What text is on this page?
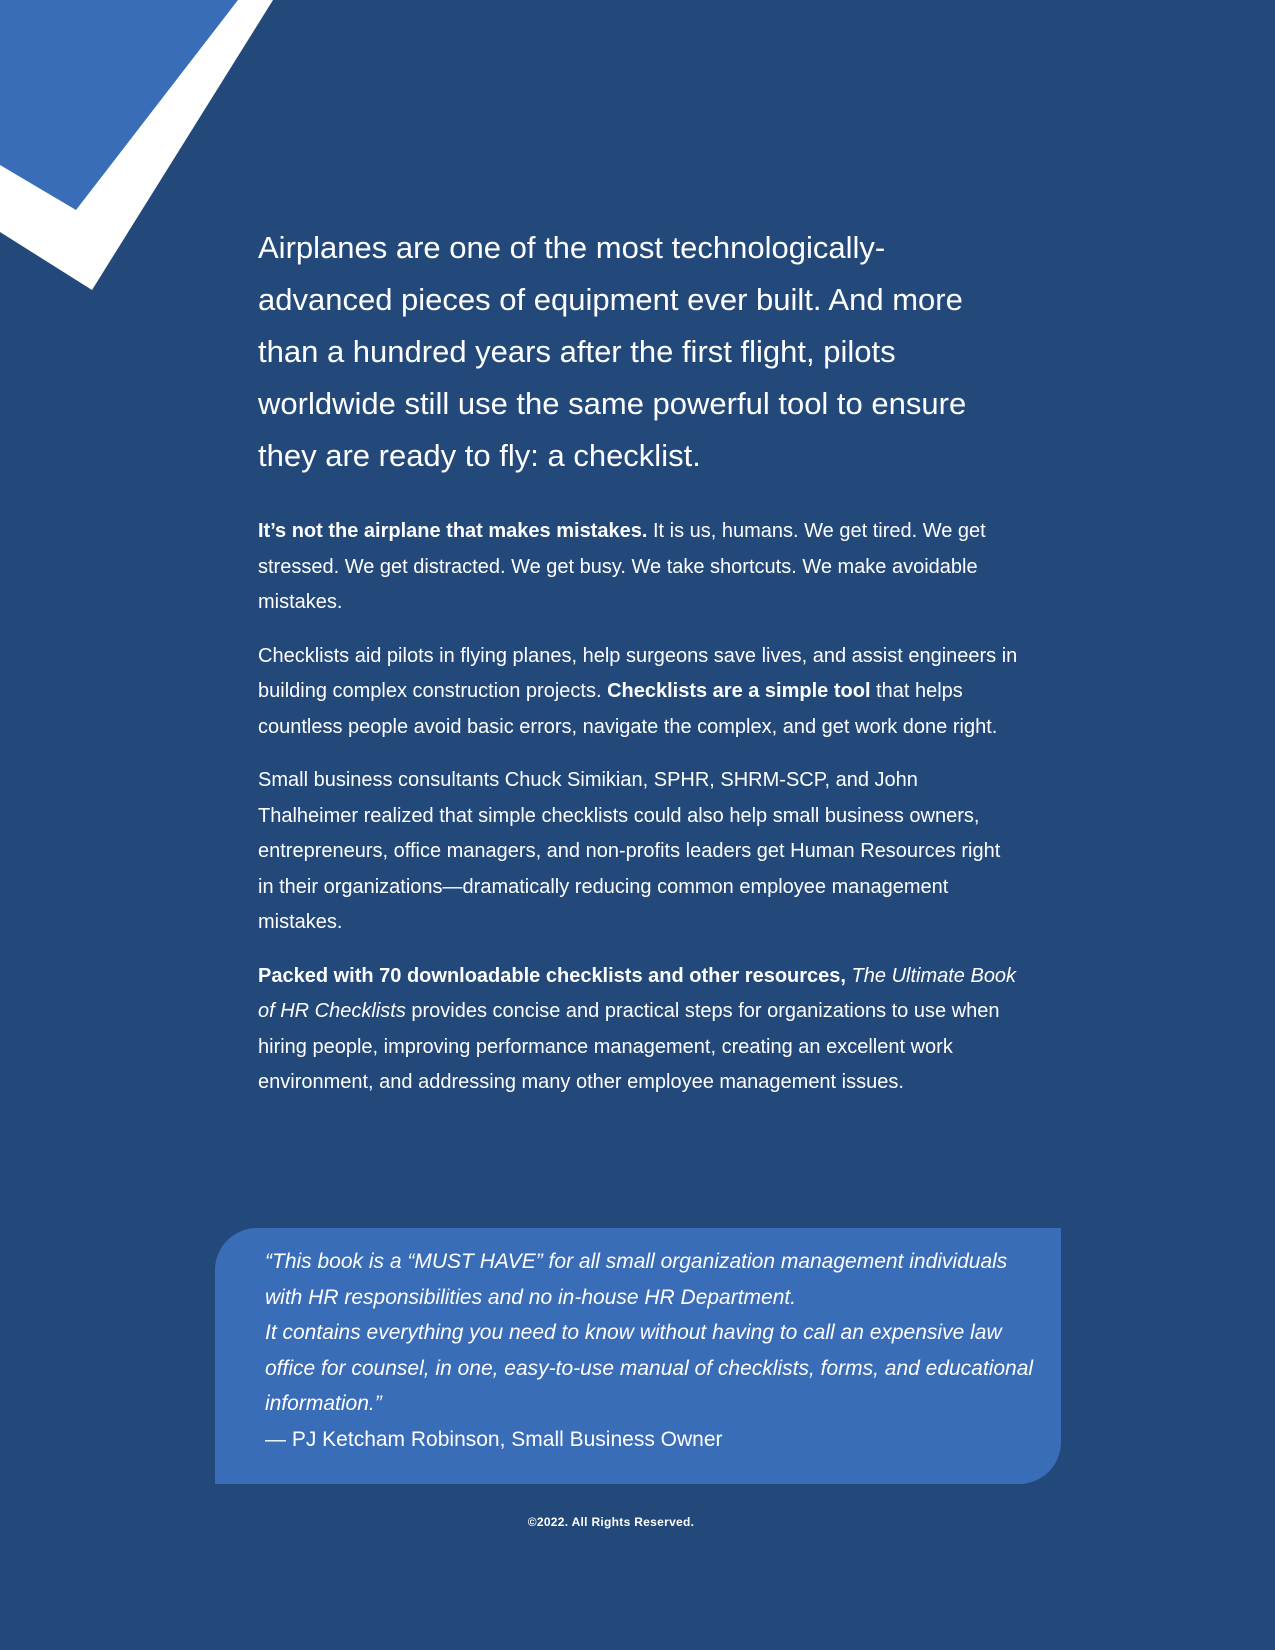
Airplanes are one of the most technologically-advanced pieces of equipment ever built. And more than a hundred years after the first flight, pilots worldwide still use the same powerful tool to ensure they are ready to fly: a checklist.

It’s not the airplane that makes mistakes. It is us, humans. We get tired. We get stressed. We get distracted. We get busy. We take shortcuts. We make avoidable mistakes.

Checklists aid pilots in flying planes, help surgeons save lives, and assist engineers in building complex construction projects. Checklists are a simple tool that helps countless people avoid basic errors, navigate the complex, and get work done right.

Small business consultants Chuck Simikian, SPHR, SHRM-SCP, and John Thalheimer realized that simple checklists could also help small business owners, entrepreneurs, office managers, and non-profits leaders get Human Resources right in their organizations—dramatically reducing common employee management mistakes.

Packed with 70 downloadable checklists and other resources, The Ultimate Book of HR Checklists provides concise and practical steps for organizations to use when hiring people, improving performance management, creating an excellent work environment, and addressing many other employee management issues.

“This book is a “MUST HAVE” for all small organization management individuals with HR responsibilities and no in-house HR Department.
It contains everything you need to know without having to call an expensive law office for counsel, in one, easy-to-use manual of checklists, forms, and educational information.”

— PJ Ketcham Robinson, Small Business Owner

©2022. All Rights Reserved.
